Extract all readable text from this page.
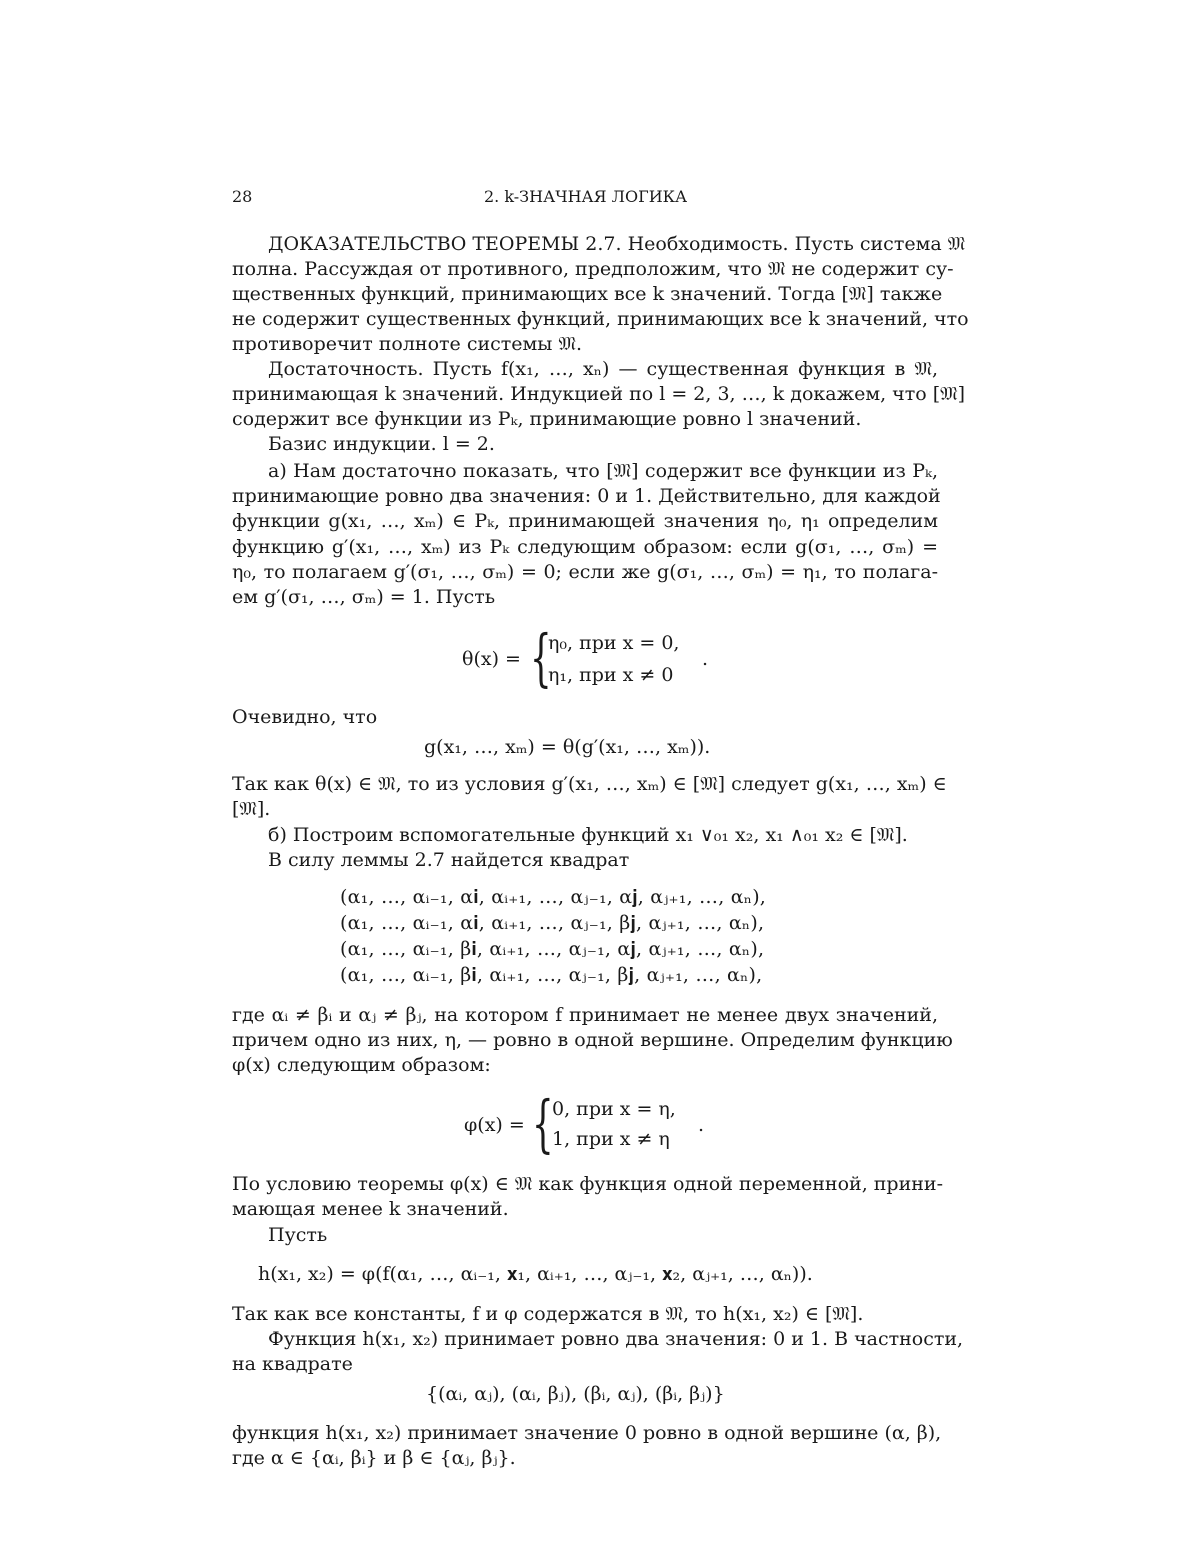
28	2. k-ЗНАЧНАЯ ЛОГИКА
ДОКАЗАТЕЛЬСТВО ТЕОРЕМЫ 2.7. Необходимость. Пусть система 𝔐
полна. Рассуждая от противного, предположим, что 𝔐 не содержит су-
щественных функций, принимающих все k значений. Тогда [𝔐] также
не содержит существенных функций, принимающих все k значений, что
противоречит полноте системы 𝔐.
Достаточность. Пусть f(x₁, …, xₙ) — существенная функция в 𝔐,
принимающая k значений. Индукцией по l = 2, 3, …, k докажем, что [𝔐]
содержит все функции из Pₖ, принимающие ровно l значений.
Базис индукции. l = 2.
а) Нам достаточно показать, что [𝔐] содержит все функции из Pₖ,
принимающие ровно два значения: 0 и 1. Действительно, для каждой
функции g(x₁, …, xₘ) ∈ Pₖ, принимающей значения η₀, η₁ определим
функцию g′(x₁, …, xₘ) из Pₖ следующим образом: если g(σ₁, …, σₘ) =
η₀, то полагаем g′(σ₁, …, σₘ) = 0; если же g(σ₁, …, σₘ) = η₁, то полага-
ем g′(σ₁, …, σₘ) = 1. Пусть
θ(x) = {
η₀, при x = 0,
η₁, при x ≠ 0
.
Очевидно, что
g(x₁, …, xₘ) = θ(g′(x₁, …, xₘ)).
Так как θ(x) ∈ 𝔐, то из условия g′(x₁, …, xₘ) ∈ [𝔐] следует g(x₁, …, xₘ) ∈
[𝔐].
б) Построим вспомогательные функций x₁ ∨₀₁ x₂, x₁ ∧₀₁ x₂ ∈ [𝔐].
В силу леммы 2.7 найдется квадрат
(α₁, …, αᵢ₋₁, α𝐢, αᵢ₊₁, …, αⱼ₋₁, α𝐣, αⱼ₊₁, …, αₙ),
(α₁, …, αᵢ₋₁, α𝐢, αᵢ₊₁, …, αⱼ₋₁, β𝐣, αⱼ₊₁, …, αₙ),
(α₁, …, αᵢ₋₁, β𝐢, αᵢ₊₁, …, αⱼ₋₁, α𝐣, αⱼ₊₁, …, αₙ),
(α₁, …, αᵢ₋₁, β𝐢, αᵢ₊₁, …, αⱼ₋₁, β𝐣, αⱼ₊₁, …, αₙ),
где αᵢ ≠ βᵢ и αⱼ ≠ βⱼ, на котором f принимает не менее двух значений,
причем одно из них, η, — ровно в одной вершине. Определим функцию
φ(x) следующим образом:
φ(x) = {
0, при x = η,
1, при x ≠ η
.
По условию теоремы φ(x) ∈ 𝔐 как функция одной переменной, прини-
мающая менее k значений.
Пусть
h(x₁, x₂) = φ(f(α₁, …, αᵢ₋₁, 𝐱₁, αᵢ₊₁, …, αⱼ₋₁, 𝐱₂, αⱼ₊₁, …, αₙ)).
Так как все константы, f и φ содержатся в 𝔐, то h(x₁, x₂) ∈ [𝔐].
Функция h(x₁, x₂) принимает ровно два значения: 0 и 1. В частности,
на квадрате
{(αᵢ, αⱼ), (αᵢ, βⱼ), (βᵢ, αⱼ), (βᵢ, βⱼ)}
функция h(x₁, x₂) принимает значение 0 ровно в одной вершине (α, β),
где α ∈ {αᵢ, βᵢ} и β ∈ {αⱼ, βⱼ}.
